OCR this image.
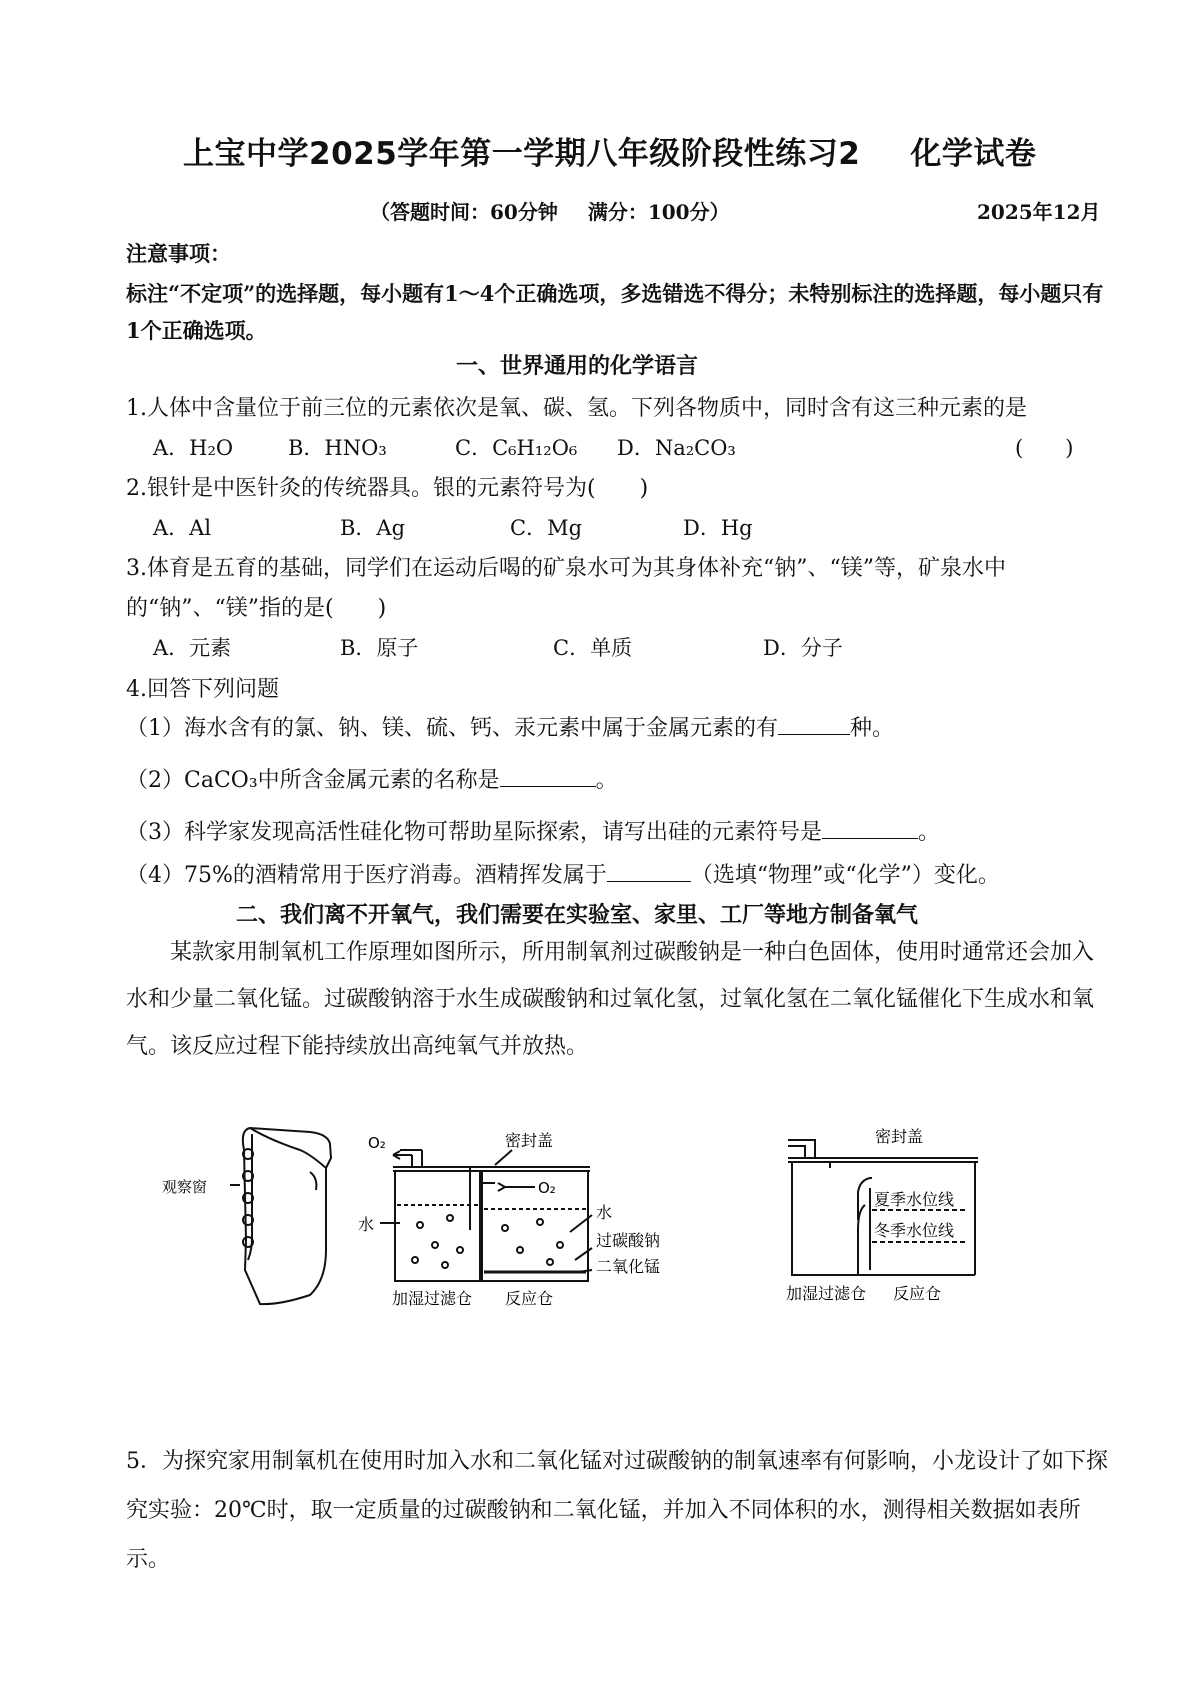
上宝中学2025学年第一学期八年级阶段性练习2 化学试卷
（答题时间：60分钟 满分：100分）	2025年12月
注意事项：
标注“不定项”的选择题，每小题有1～4个正确选项，多选错选不得分；未特别标注的选择题，每小题只有1个正确选项。
一、世界通用的化学语言
1.人体中含量位于前三位的元素依次是氧、碳、氢。下列各物质中，同时含有这三种元素的是
A．H₂O	B．HNO₃	C．C₆H₁₂O₆ D．Na₂CO₃	(　　)
2.银针是中医针灸的传统器具。银的元素符号为(　　)
A．Al	B．Ag	C．Mg	D．Hg
3.体育是五育的基础，同学们在运动后喝的矿泉水可为其身体补充“钠”、“镁”等，矿泉水中
的“钠”、“镁”指的是(　　)
A．元素	B．原子	C．单质	D．分子
4.回答下列问题
（1）海水含有的氯、钠、镁、硫、钙、汞元素中属于金属元素的有	种。
（2）CaCO₃中所含金属元素的名称是	。
（3）科学家发现高活性硅化物可帮助星际探索，请写出硅的元素符号是	。
（4）75%的酒精常用于医疗消毒。酒精挥发属于	（选填“物理”或“化学”）变化。
二、我们离不开氧气，我们需要在实验室、家里、工厂等地方制备氧气
某款家用制氧机工作原理如图所示，所用制氧剂过碳酸钠是一种白色固体，使用时通常还会加入水和少量二氧化锰。过碳酸钠溶于水生成碳酸钠和过氧化氢，过氧化氢在二氧化锰催化下生成水和氧气。该反应过程下能持续放出高纯氧气并放热。
观察窗
O₂
O₂
密封盖
水
水
过碳酸钠
二氧化锰
加湿过滤仓 反应仓
密封盖
夏季水位线
冬季水位线
加湿过滤仓 反应仓
5．为探究家用制氧机在使用时加入水和二氧化锰对过碳酸钠的制氧速率有何影响，小龙设计了如下探究实验：20℃时，取一定质量的过碳酸钠和二氧化锰，并加入不同体积的水，测得相关数据如表所示。
